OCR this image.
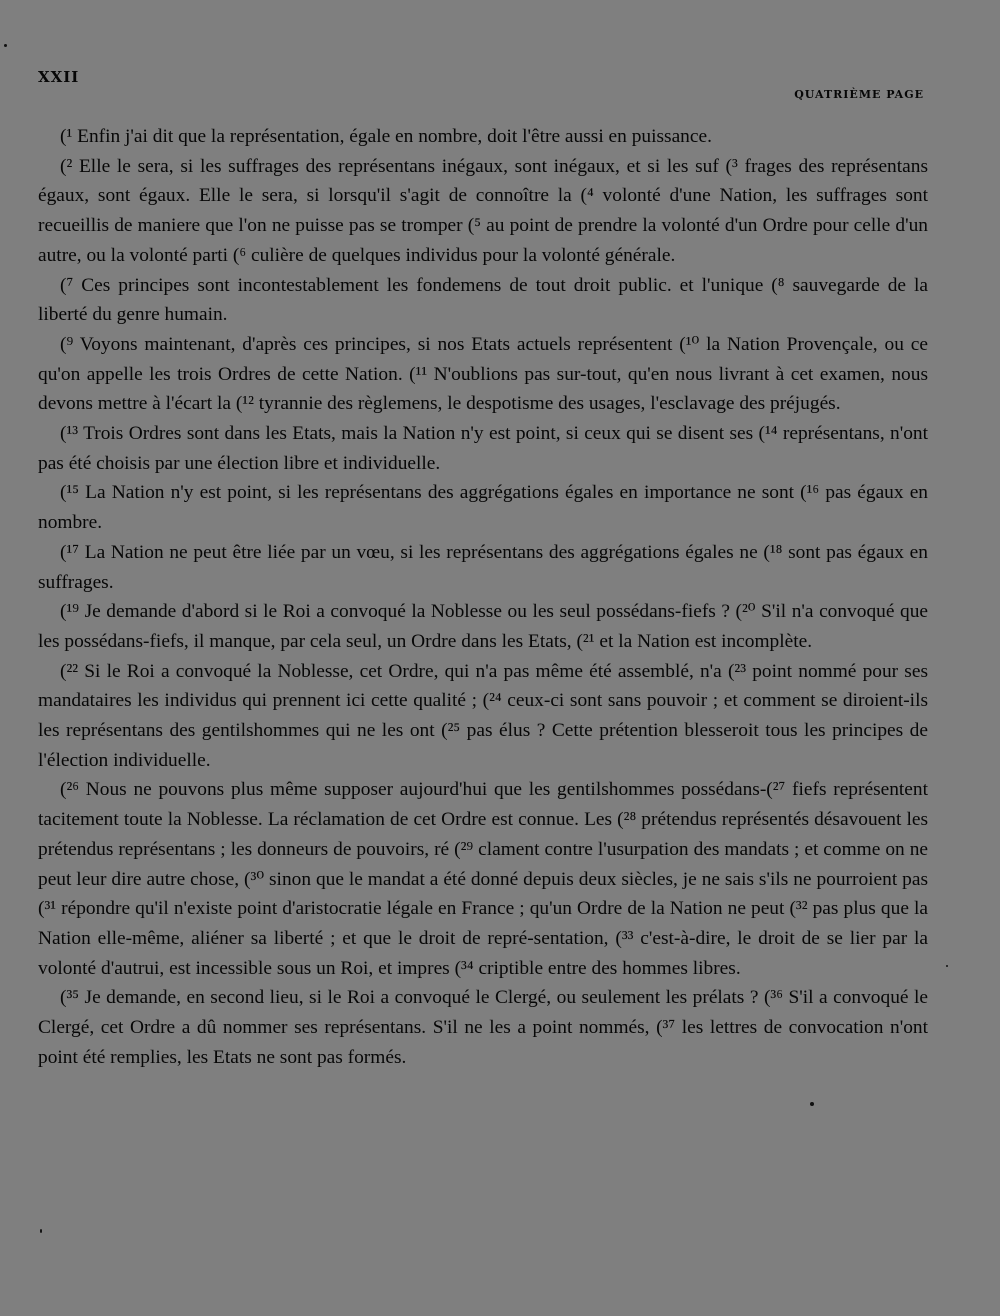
XXII
QUATRIÈME PAGE

(¹ Enfin j'ai dit que la représentation, égale en nombre, doit l'être aussi en puissance.

(² Elle le sera, si les suffrages des représentans inégaux, sont inégaux, et si les suf (³ frages des représentans égaux, sont égaux. Elle le sera, si lorsqu'il s'agit de connoître la (⁴ volonté d'une Nation, les suffrages sont recueillis de maniere que l'on ne puisse pas se tromper (⁵ au point de prendre la volonté d'un Ordre pour celle d'un autre, ou la volonté parti (⁶ culière de quelques individus pour la volonté générale.

(⁷ Ces principes sont incontestablement les fondemens de tout droit public. et l'unique (⁸ sauvegarde de la liberté du genre humain.

(⁹ Voyons maintenant, d'après ces principes, si nos Etats actuels représentent (¹⁰ la Nation Provençale, ou ce qu'on appelle les trois Ordres de cette Nation. (¹¹ N'oublions pas sur-tout, qu'en nous livrant à cet examen, nous devons mettre à l'écart la (¹² tyrannie des règlemens, le despotisme des usages, l'esclavage des préjugés.

(¹³ Trois Ordres sont dans les Etats, mais la Nation n'y est point, si ceux qui se disent ses (¹⁴ représentans, n'ont pas été choisis par une élection libre et individuelle.

(¹⁵ La Nation n'y est point, si les représentans des aggrégations égales en importance ne sont (¹⁶ pas égaux en nombre.

(¹⁷ La Nation ne peut être liée par un vœu, si les représentans des aggrégations égales ne (¹⁸ sont pas égaux en suffrages.

(¹⁹ Je demande d'abord si le Roi a convoqué la Noblesse ou les seul possédans-fiefs ? (²⁰ S'il n'a convoqué que les possédans-fiefs, il manque, par cela seul, un Ordre dans les Etats, (²¹ et la Nation est incomplète.

(²² Si le Roi a convoqué la Noblesse, cet Ordre, qui n'a pas même été assemblé, n'a (²³ point nommé pour ses mandataires les individus qui prennent ici cette qualité ; (²⁴ ceux-ci sont sans pouvoir ; et comment se diroient-ils les représentans des gentilshommes qui ne les ont (²⁵ pas élus ? Cette prétention blesseroit tous les principes de l'élection individuelle.

(²⁶ Nous ne pouvons plus même supposer aujourd'hui que les gentilshommes possédans-(²⁷ fiefs représentent tacitement toute la Noblesse. La réclamation de cet Ordre est connue. Les (²⁸ prétendus représentés désavouent les prétendus représentans ; les donneurs de pouvoirs, ré (²⁹ clament contre l'usurpation des mandats ; et comme on ne peut leur dire autre chose, (³⁰ sinon que le mandat a été donné depuis deux siècles, je ne sais s'ils ne pourroient pas (³¹ répondre qu'il n'existe point d'aristocratie légale en France ; qu'un Ordre de la Nation ne peut (³² pas plus que la Nation elle-même, aliéner sa liberté ; et que le droit de repré-sentation, (³³ c'est-à-dire, le droit de se lier par la volonté d'autrui, est incessible sous un Roi, et impres (³⁴ criptible entre des hommes libres.

(³⁵ Je demande, en second lieu, si le Roi a convoqué le Clergé, ou seulement les prélats ? (³⁶ S'il a convoqué le Clergé, cet Ordre a dû nommer ses représentans. S'il ne les a point nommés, (³⁷ les lettres de convocation n'ont point été remplies, les Etats ne sont pas formés.
